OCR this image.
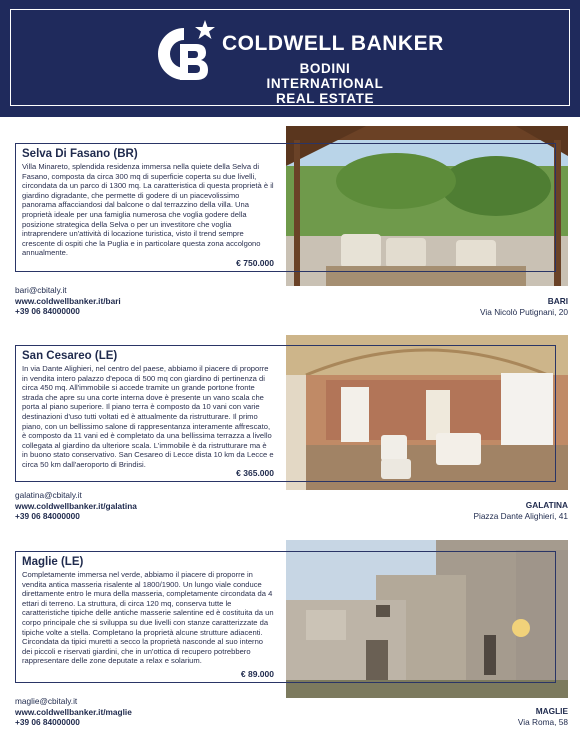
COLDWELL BANKER
BODINI INTERNATIONAL
REAL ESTATE
Selva Di Fasano (BR)
Villa Minareto, splendida residenza immersa nella quiete della Selva di Fasano, composta da circa 300 mq di superficie coperta su due livelli, circondata da un parco di 1300 mq. La caratteristica di questa proprietà è il giardino digradante, che permette di godere di un piacevolissimo panorama affacciandosi dal balcone o dal terrazzino della villa. Una proprietà ideale per una famiglia numerosa che voglia godere della posizione strategica della Selva o per un investitore che voglia intraprendere un'attività di locazione turistica, visto il trend sempre crescente di ospiti che la Puglia e in particolare questa zona accolgono annualmente.
€ 750.000
bari@cbitaly.it
www.coldwellbanker.it/bari
+39 06 84000000
BARI
Via Nicolò Putignani, 20
San Cesareo (LE)
In via Dante Alighieri, nel centro del paese, abbiamo il piacere di proporre in vendita intero palazzo d'epoca di 500 mq con giardino di pertinenza di circa 450 mq. All'immobile si accede tramite un grande portone fronte strada che apre su una corte interna dove è presente un vano scala che porta al piano superiore. Il piano terra è composto da 10 vani con varie destinazioni d'uso tutti voltati ed è attualmente da ristrutturare. Il primo piano, con un bellissimo salone di rappresentanza interamente affrescato, è composto da 11 vani ed è completato da una bellissima terrazza a livello collegata al giardino da ulteriore scala. L'immobile è da ristrutturare ma è in buono stato conservativo. San Cesareo di Lecce dista 10 km da Lecce e circa 50 km dall'aeroporto di Brindisi.
€ 365.000
galatina@cbitaly.it
www.coldwellbanker.it/galatina
+39 06 84000000
GALATINA
Piazza Dante Alighieri, 41
Maglie (LE)
Completamente immersa nel verde, abbiamo il piacere di proporre in vendita antica masseria risalente al 1800/1900. Un lungo viale conduce direttamente entro le mura della masseria, completamente circondata da 4 ettari di terreno. La struttura, di circa 120 mq, conserva tutte le caratteristiche tipiche delle antiche masserie salentine ed è costituita da un corpo principale che si sviluppa su due livelli con stanze caratterizzate da tipiche volte a stella. Completano la proprietà alcune strutture adiacenti. Circondata da tipici muretti a secco la proprietà nasconde al suo interno dei piccoli e riservati giardini, che in un'ottica di recupero potrebbero rappresentare delle zone deputate a relax e solarium.
€ 89.000
maglie@cbitaly.it
www.coldwellbanker.it/maglie
+39 06 84000000
MAGLIE
Via Roma, 58
